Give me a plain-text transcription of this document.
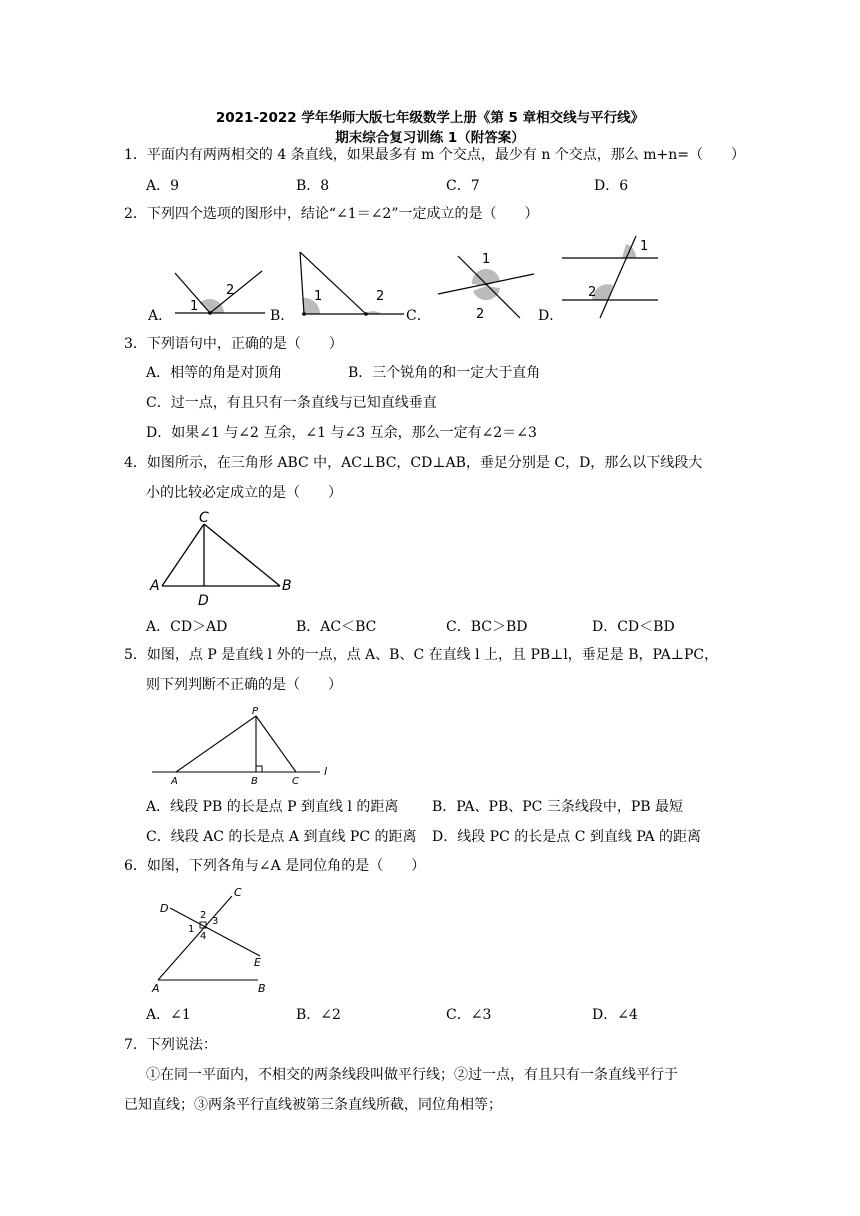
2021-2022 学年华师大版七年级数学上册《第 5 章相交线与平行线》
期末综合复习训练 1（附答案）
1．平面内有两两相交的 4 条直线，如果最多有 m 个交点，最少有 n 个交点，那么 m+n=（　　）
A．9	B．8	C．7	D．6
2．下列四个选项的图形中，结论“∠1＝∠2”一定成立的是（　　）
A．	B．	C．	D．
1
2	1	2
1
2
1
2
3．下列语句中，正确的是（　　）
A．相等的角是对顶角	B．三个锐角的和一定大于直角
C．过一点，有且只有一条直线与已知直线垂直
D．如果∠1 与∠2 互余，∠1 与∠3 互余，那么一定有∠2＝∠3
4．如图所示，在三角形 ABC 中，AC⊥BC，CD⊥AB，垂足分别是 C，D，那么以下线段大
小的比较必定成立的是（　　）
A	B
C
D
A．CD＞AD	B．AC＜BC	C．BC＞BD	D．CD＜BD
5．如图，点 P 是直线 l 外的一点，点 A、B、C 在直线 l 上，且 PB⊥l，垂足是 B，PA⊥PC，
则下列判断不正确的是（　　）
P
A	B	C
l
A．线段 PB 的长是点 P 到直线 l 的距离 B．PA、PB、PC 三条线段中，PB 最短
C．线段 AC 的长是点 A 到直线 PC 的距离 D．线段 PC 的长是点 C 到直线 PA 的距离
6．如图，下列各角与∠A 是同位角的是（　　）
C
D
E
A	B
1
2
3
4
A．∠1	B．∠2	C．∠3	D．∠4
7．下列说法：
①在同一平面内，不相交的两条线段叫做平行线；②过一点，有且只有一条直线平行于
已知直线；③两条平行直线被第三条直线所截，同位角相等；
